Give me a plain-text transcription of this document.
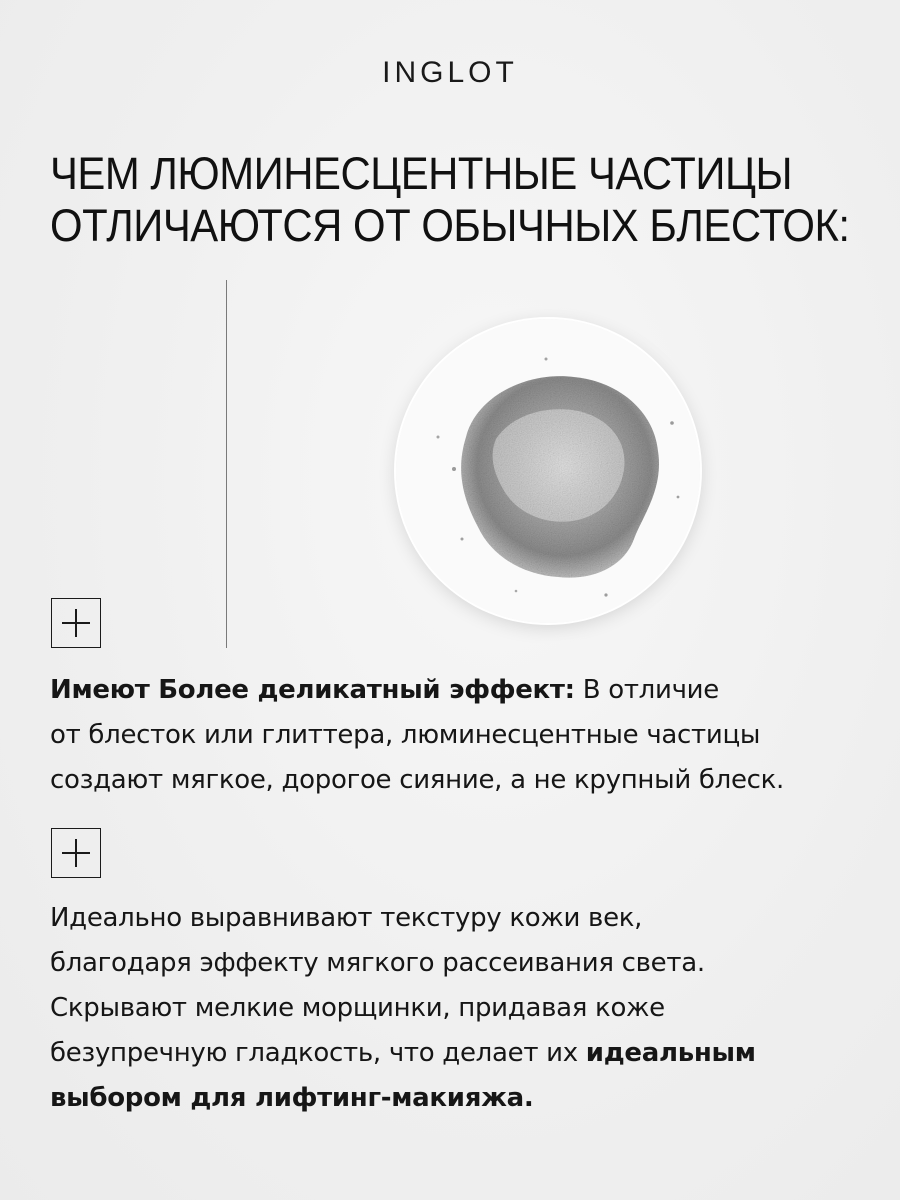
INGLOT
ЧЕМ ЛЮМИНЕСЦЕНТНЫЕ ЧАСТИЦЫ
ОТЛИЧАЮТСЯ ОТ ОБЫЧНЫХ БЛЕСТОК:
Имеют Более деликатный эффект: В отличие
от блесток или глиттера, люминесцентные частицы
создают мягкое, дорогое сияние, а не крупный блеск.
Идеально выравнивают текстуру кожи век,
благодаря эффекту мягкого рассеивания света.
Скрывают мелкие морщинки, придавая коже
безупречную гладкость, что делает их идеальным
выбором для лифтинг-макияжа.
